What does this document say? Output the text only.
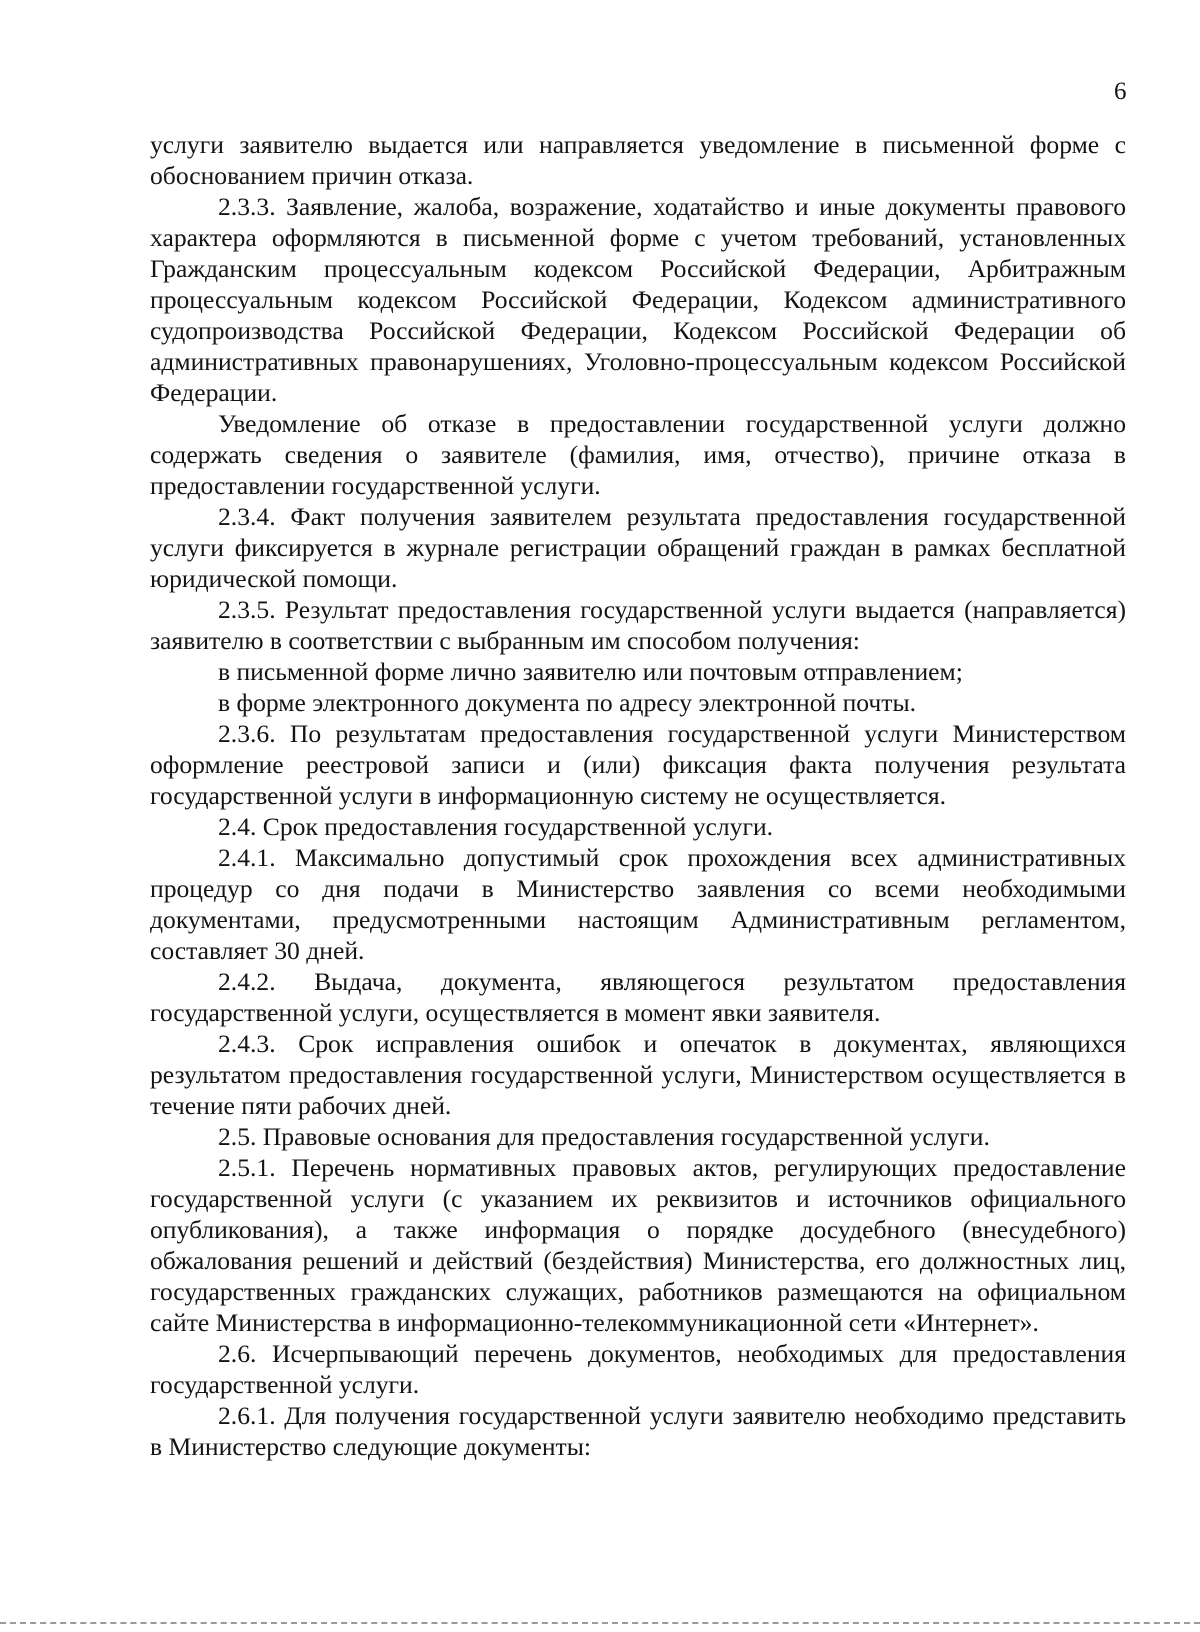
6

услуги заявителю выдается или направляется уведомление в письменной форме с обоснованием причин отказа.

2.3.3. Заявление, жалоба, возражение, ходатайство и иные документы правового характера оформляются в письменной форме с учетом требований, установленных Гражданским процессуальным кодексом Российской Федерации, Арбитражным процессуальным кодексом Российской Федерации, Кодексом административного судопроизводства Российской Федерации, Кодексом Российской Федерации об административных правонарушениях, Уголовно-процессуальным кодексом Российской Федерации.

Уведомление об отказе в предоставлении государственной услуги должно содержать сведения о заявителе (фамилия, имя, отчество), причине отказа в предоставлении государственной услуги.

2.3.4. Факт получения заявителем результата предоставления государственной услуги фиксируется в журнале регистрации обращений граждан в рамках бесплатной юридической помощи.

2.3.5. Результат предоставления государственной услуги выдается (направляется) заявителю в соответствии с выбранным им способом получения:

в письменной форме лично заявителю или почтовым отправлением;

в форме электронного документа по адресу электронной почты.

2.3.6. По результатам предоставления государственной услуги Министерством оформление реестровой записи и (или) фиксация факта получения результата государственной услуги в информационную систему не осуществляется.

2.4. Срок предоставления государственной услуги.

2.4.1. Максимально допустимый срок прохождения всех административных процедур со дня подачи в Министерство заявления со всеми необходимыми документами, предусмотренными настоящим Административным регламентом, составляет 30 дней.

2.4.2. Выдача, документа, являющегося результатом предоставления государственной услуги, осуществляется в момент явки заявителя.

2.4.3. Срок исправления ошибок и опечаток в документах, являющихся результатом предоставления государственной услуги, Министерством осуществляется в течение пяти рабочих дней.

2.5. Правовые основания для предоставления государственной услуги.

2.5.1. Перечень нормативных правовых актов, регулирующих предоставление государственной услуги (с указанием их реквизитов и источников официального опубликования), а также информация о порядке досудебного (внесудебного) обжалования решений и действий (бездействия) Министерства, его должностных лиц, государственных гражданских служащих, работников размещаются на официальном сайте Министерства в информационно-телекоммуникационной сети «Интернет».

2.6. Исчерпывающий перечень документов, необходимых для предоставления государственной услуги.

2.6.1. Для получения государственной услуги заявителю необходимо представить в Министерство следующие документы:
